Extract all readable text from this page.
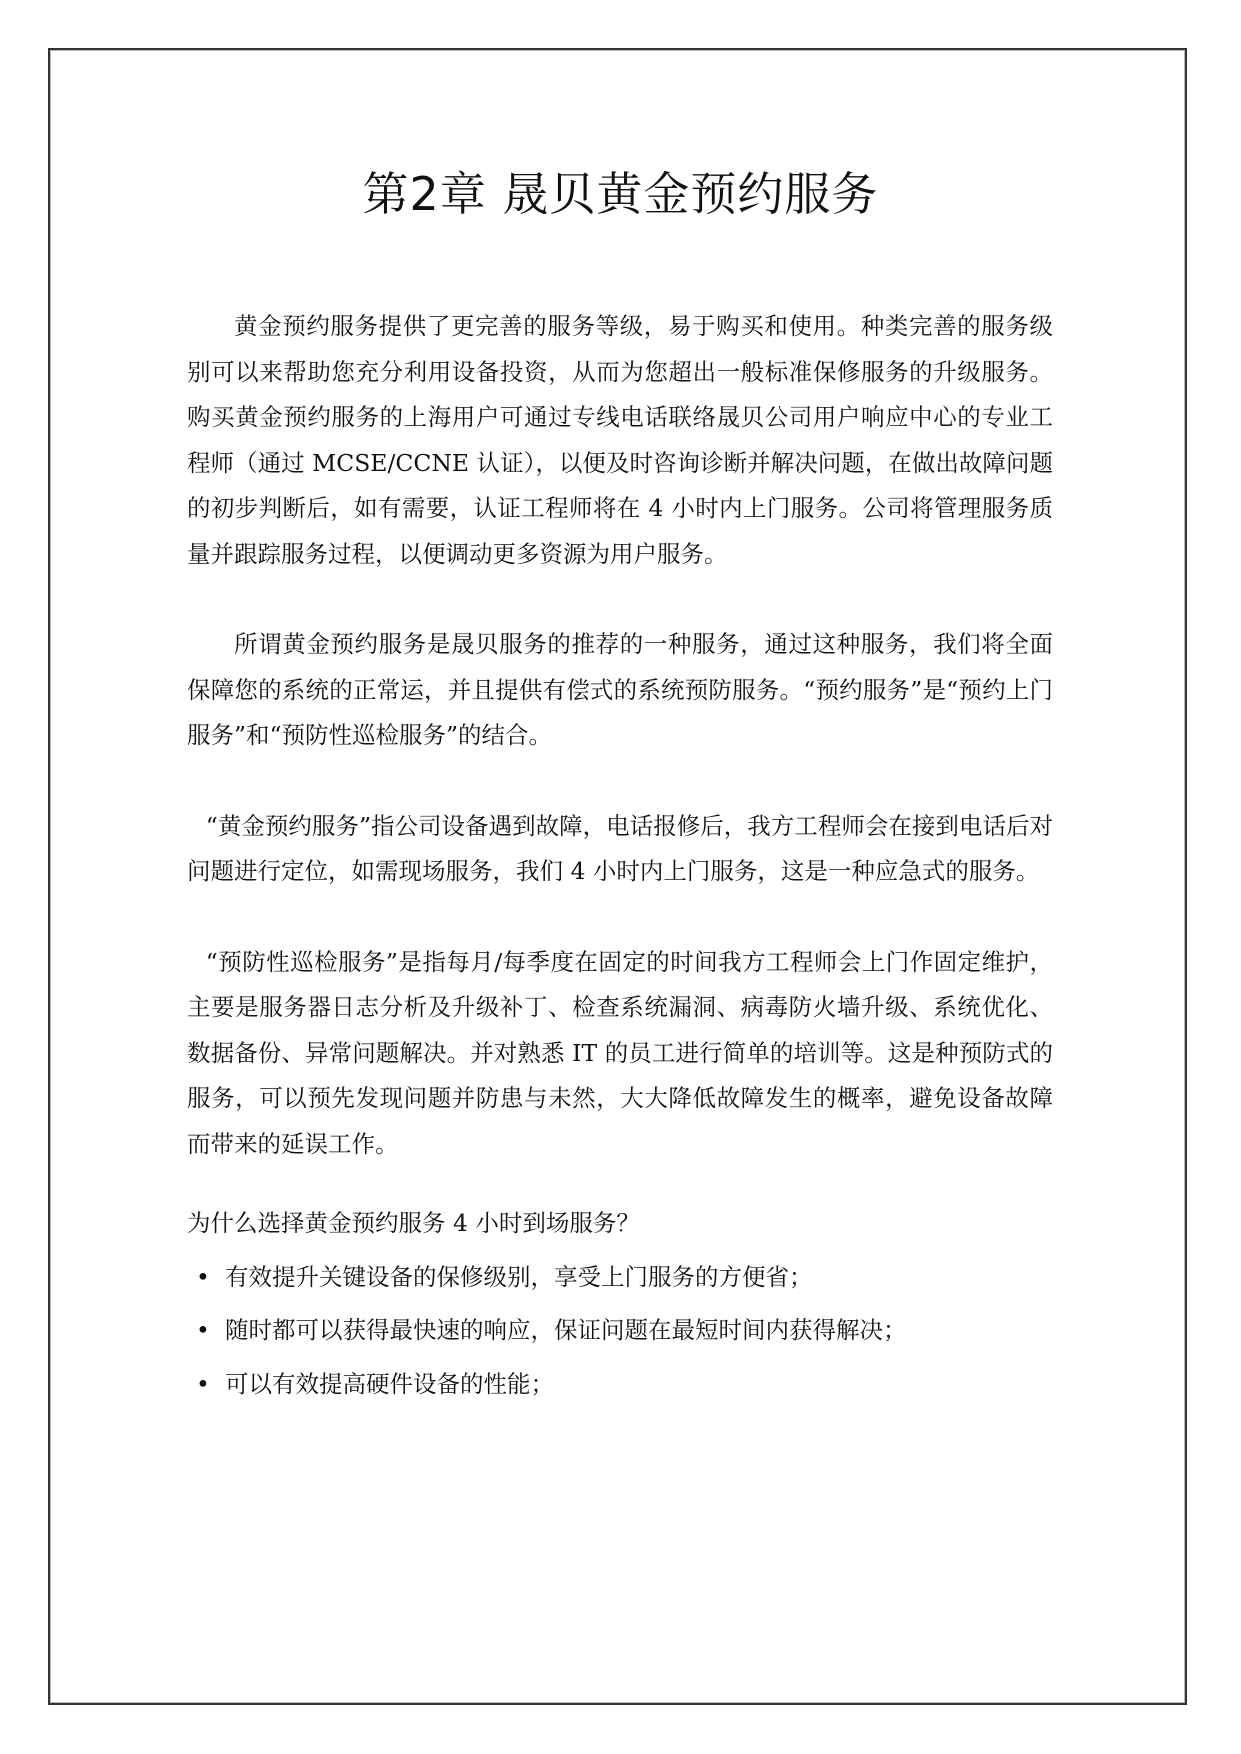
第2章 晟贝黄金预约服务

黄金预约服务提供了更完善的服务等级，易于购买和使用。种类完善的服务级别可以来帮助您充分利用设备投资，从而为您超出一般标准保修服务的升级服务。购买黄金预约服务的上海用户可通过专线电话联络晟贝公司用户响应中心的专业工程师（通过 MCSE/CCNE 认证），以便及时咨询诊断并解决问题，在做出故障问题的初步判断后，如有需要，认证工程师将在 4 小时内上门服务。公司将管理服务质量并跟踪服务过程，以便调动更多资源为用户服务。

所谓黄金预约服务是晟贝服务的推荐的一种服务，通过这种服务，我们将全面保障您的系统的正常运，并且提供有偿式的系统预防服务。“预约服务”是“预约上门服务”和“预防性巡检服务”的结合。

“黄金预约服务”指公司设备遇到故障，电话报修后，我方工程师会在接到电话后对问题进行定位，如需现场服务，我们 4 小时内上门服务，这是一种应急式的服务。

“预防性巡检服务”是指每月/每季度在固定的时间我方工程师会上门作固定维护，主要是服务器日志分析及升级补丁、检查系统漏洞、病毒防火墙升级、系统优化、数据备份、异常问题解决。并对熟悉 IT 的员工进行简单的培训等。这是种预防式的服务，可以预先发现问题并防患与未然，大大降低故障发生的概率，避免设备故障而带来的延误工作。

为什么选择黄金预约服务 4 小时到场服务？

• 有效提升关键设备的保修级别，享受上门服务的方便省；
• 随时都可以获得最快速的响应，保证问题在最短时间内获得解决；
• 可以有效提高硬件设备的性能；
